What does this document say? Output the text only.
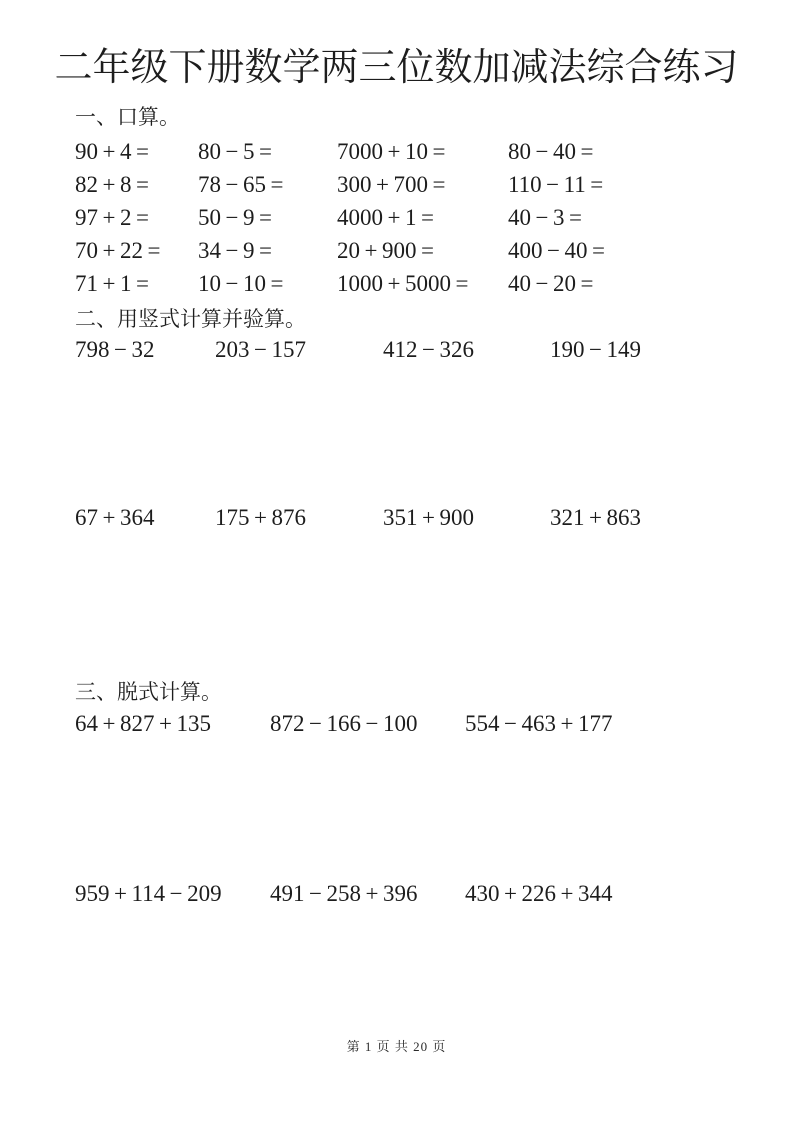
二年级下册数学两三位数加减法综合练习
一、口算。
90 + 4 = 80 − 5 =	7000 + 10 =	80 − 40 =
82 + 8 = 78 − 65 = 300 + 700 =	110 − 11 =
97 + 2 = 50 − 9 =	4000 + 1 =	40 − 3 =
70 + 22 = 34 − 9 =	20 + 900 =	400 − 40 =
71 + 1 = 10 − 10 = 1000 + 5000 = 40 − 20 =
二、用竖式计算并验算。
798 − 32	203 − 157	412 − 326	190 − 149
67 + 364	175 + 876	351 + 900	321 + 863
三、脱式计算。
64 + 827 + 135	872 − 166 − 100 554 − 463 + 177
959 + 114 − 209 491 − 258 + 396 430 + 226 + 344
第 1 页 共 20 页
